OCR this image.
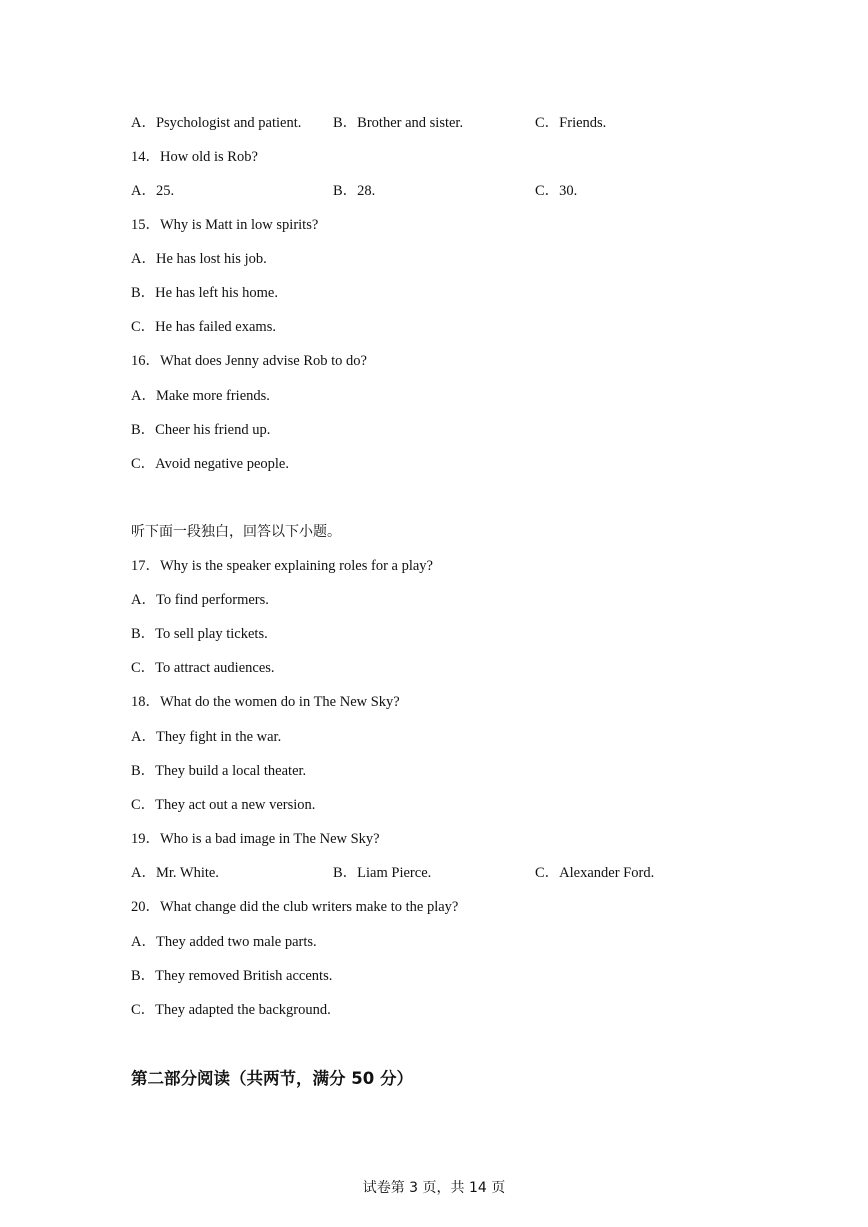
A．Psychologist and patient. B．Brother and sister.	C．Friends.
14．How old is Rob?
A．25.	B．28.	C．30.
15．Why is Matt in low spirits?
A．He has lost his job.
B．He has left his home.
C．He has failed exams.
16．What does Jenny advise Rob to do?
A．Make more friends.
B．Cheer his friend up.
C．Avoid negative people.
听下面一段独白，回答以下小题。
17．Why is the speaker explaining roles for a play?
A．To find performers.
B．To sell play tickets.
C．To attract audiences.
18．What do the women do in The New Sky?
A．They fight in the war.
B．They build a local theater.
C．They act out a new version.
19．Who is a bad image in The New Sky?
A．Mr. White.	B．Liam Pierce.	C．Alexander Ford.
20．What change did the club writers make to the play?
A．They added two male parts.
B．They removed British accents.
C．They adapted the background.
第二部分阅读（共两节，满分 50 分）
试卷第 3 页，共 14 页
